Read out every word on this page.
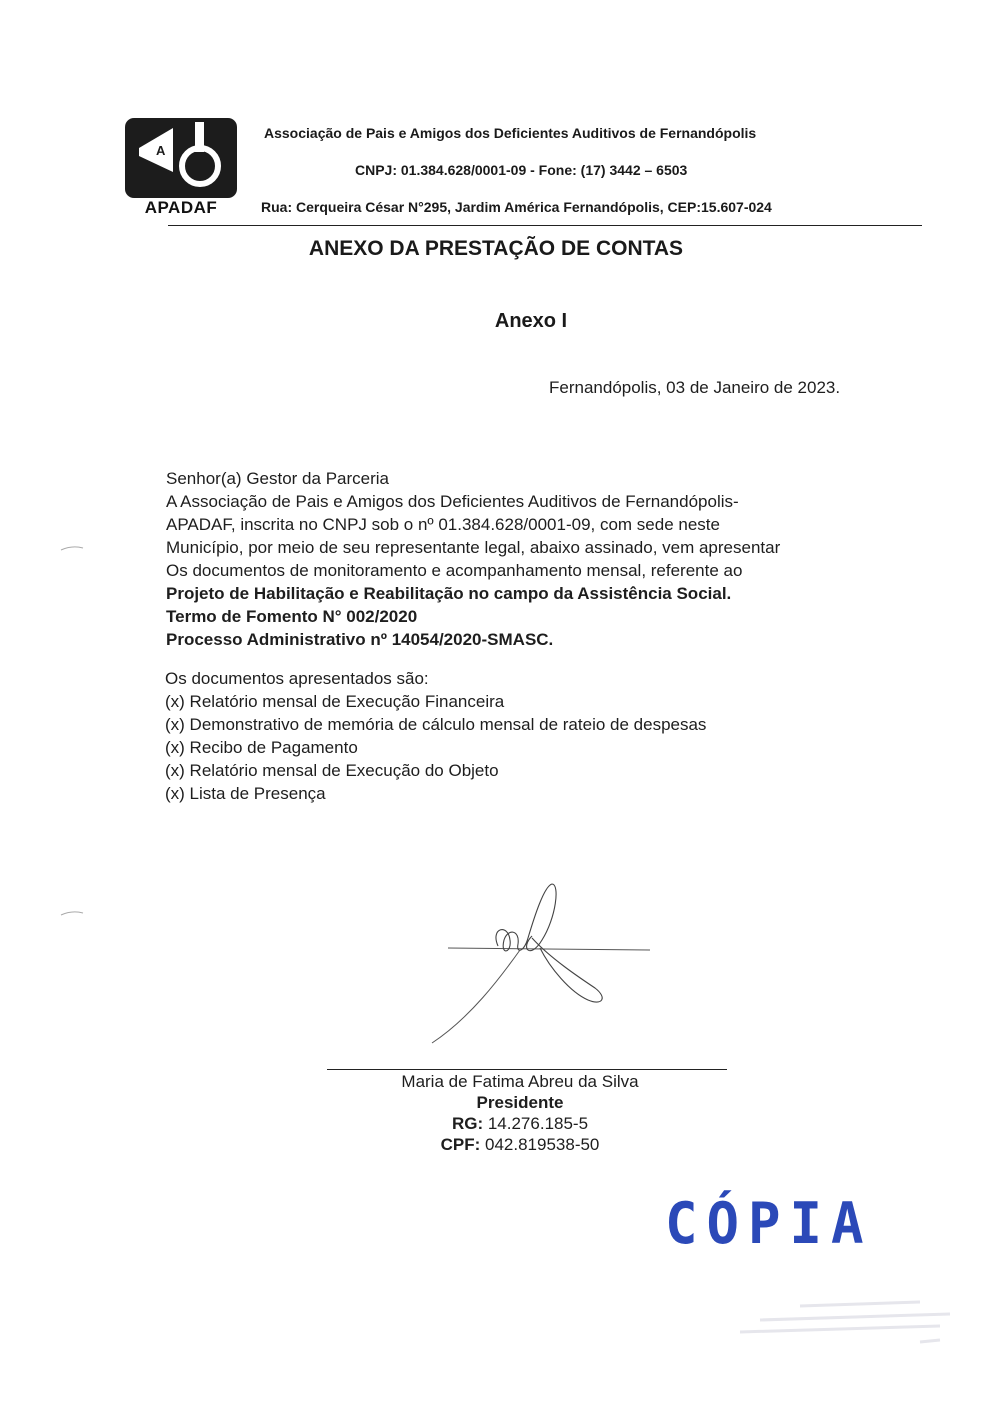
A
APADAF
Associação de Pais e Amigos dos Deficientes Auditivos de Fernandópolis
CNPJ: 01.384.628/0001-09 - Fone: (17) 3442 – 6503
Rua: Cerqueira César N°295, Jardim América Fernandópolis, CEP:15.607-024
ANEXO DA PRESTAÇÃO DE CONTAS
Anexo I
Fernandópolis, 03 de Janeiro de 2023.
Senhor(a) Gestor da Parceria
A Associação de Pais e Amigos dos Deficientes Auditivos de Fernandópolis-
APADAF, inscrita no CNPJ sob o nº 01.384.628/0001-09, com sede neste
Município, por meio de seu representante legal, abaixo assinado, vem apresentar
Os documentos de monitoramento e acompanhamento mensal, referente ao
Projeto de Habilitação e Reabilitação no campo da Assistência Social.
Termo de Fomento N° 002/2020
Processo Administrativo nº 14054/2020-SMASC.
Os documentos apresentados são:
(x) Relatório mensal de Execução Financeira
(x) Demonstrativo de memória de cálculo mensal de rateio de despesas
(x) Recibo de Pagamento
(x) Relatório mensal de Execução do Objeto
(x) Lista de Presença
Maria de Fatima Abreu da Silva
Presidente
RG: 14.276.185-5
CPF: 042.819538-50
CÓPIA
